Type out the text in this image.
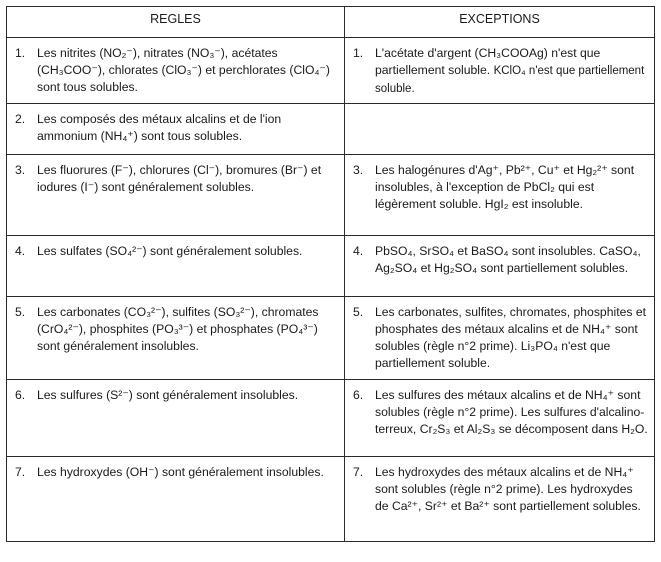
REGLES	EXCEPTIONS

1. Les nitrites (NO₂⁻), nitrates (NO₃⁻), acétates (CH₃COO⁻), chlorates (ClO₃⁻) et perchlorates (ClO₄⁻) sont tous solubles.	1. L'acétate d'argent (CH₃COOAg) n'est que partiellement soluble. KClO₄ n'est que partiellement soluble.

2. Les composés des métaux alcalins et de l'ion ammonium (NH₄⁺) sont tous solubles.	

3. Les fluorures (F⁻), chlorures (Cl⁻), bromures (Br⁻) et iodures (I⁻) sont généralement solubles.	3. Les halogénures d'Ag⁺, Pb²⁺, Cu⁺ et Hg₂²⁺ sont insolubles, à l'exception de PbCl₂ qui est légèrement soluble. HgI₂ est insoluble.

4. Les sulfates (SO₄²⁻) sont généralement solubles.	4. PbSO₄, SrSO₄ et BaSO₄ sont insolubles. CaSO₄, Ag₂SO₄ et Hg₂SO₄ sont partiellement solubles.

5. Les carbonates (CO₃²⁻), sulfites (SO₃²⁻), chromates (CrO₄²⁻), phosphites (PO₃³⁻) et phosphates (PO₄³⁻) sont généralement insolubles.	5. Les carbonates, sulfites, chromates, phosphites et phosphates des métaux alcalins et de NH₄⁺ sont solubles (règle n°2 prime). Li₃PO₄ n'est que partiellement soluble.

6. Les sulfures (S²⁻) sont généralement insolubles.	6. Les sulfures des métaux alcalins et de NH₄⁺ sont solubles (règle n°2 prime). Les sulfures d'alcalino-terreux, Cr₂S₃ et Al₂S₃ se décomposent dans H₂O.

7. Les hydroxydes (OH⁻) sont généralement insolubles.	7. Les hydroxydes des métaux alcalins et de NH₄⁺ sont solubles (règle n°2 prime). Les hydroxydes de Ca²⁺, Sr²⁺ et Ba²⁺ sont partiellement solubles.
